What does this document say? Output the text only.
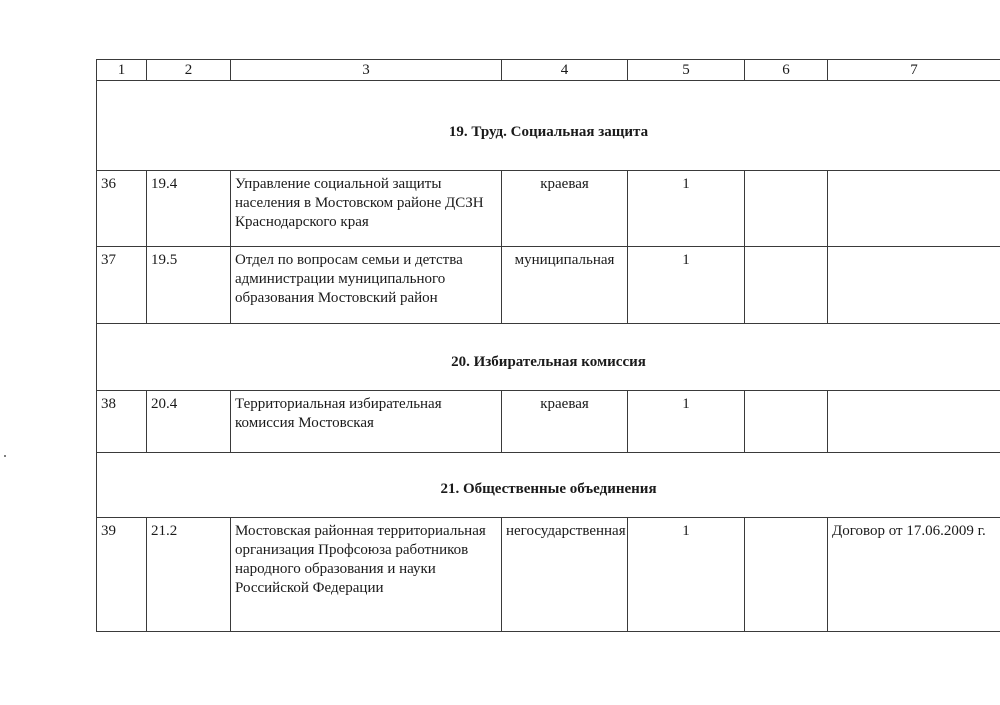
1	2	3	4	5	6	7
19. Труд. Социальная защита						
36	19.4	Управление социальной защиты населения в Мостовском районе ДСЗН Краснодарского края	краевая	1		
37	19.5	Отдел по вопросам семьи и детства администрации муниципального образования Мостовский район	муниципальная	1		
20. Избирательная комиссия						
38	20.4	Территориальная избирательная комиссия Мостовская	краевая	1		
21. Общественные объединения						
39	21.2	Мостовская районная территориальная организация Профсоюза работников народного образования и науки Российской Федерации	негосударственная	1		Договор от 17.06.2009 г.
